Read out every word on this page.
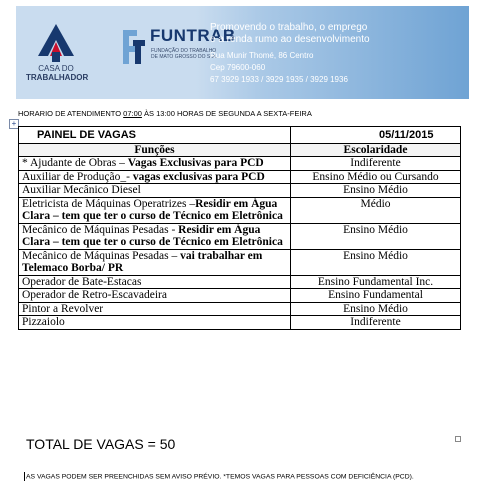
CASA DO
TRABALHADOR
FUNTRAB
FUNDAÇÃO DO TRABALHO DE MATO GROSSO DO SUL
Promovendo o trabalho, o emprego
e a renda rumo ao desenvolvimento
Rua Munir Thomé, 86 Centro
Cep 79600-060
67 3929 1933 / 3929 1935 / 3929 1936
HORARIO DE ATENDIMENTO 07:00 ÀS 13:00 HORAS DE SEGUNDA A SEXTA-FEIRA
+
PAINEL DE VAGAS	05/11/2015
Funções	Escolaridade
* Ajudante de Obras – Vagas Exclusivas para PCD	Indiferente
Auxiliar de Produção_- vagas exclusivas para PCD	Ensino Médio ou Cursando
Auxiliar Mecânico Diesel	Ensino Médio
Eletricista de Máquinas Operatrizes –Residir em Água Clara – tem que ter o curso de Técnico em Eletrônica	Médio
Mecânico de Máquinas Pesadas - Residir em Água Clara – tem que ter o curso de Técnico em Eletrônica	Ensino Médio
Mecânico de Máquinas Pesadas – vai trabalhar em Telemaco Borba/ PR	Ensino Médio
Operador de Bate-Estacas	Ensino Fundamental Inc.
Operador de Retro-Escavadeira	Ensino Fundamental
Pintor a Revolver	Ensino Médio
Pizzaiolo	Indiferente
TOTAL DE VAGAS = 50
AS VAGAS PODEM SER PREENCHIDAS SEM AVISO PRÉVIO. *TEMOS VAGAS PARA PESSOAS COM DEFICIÊNCIA (PCD).
